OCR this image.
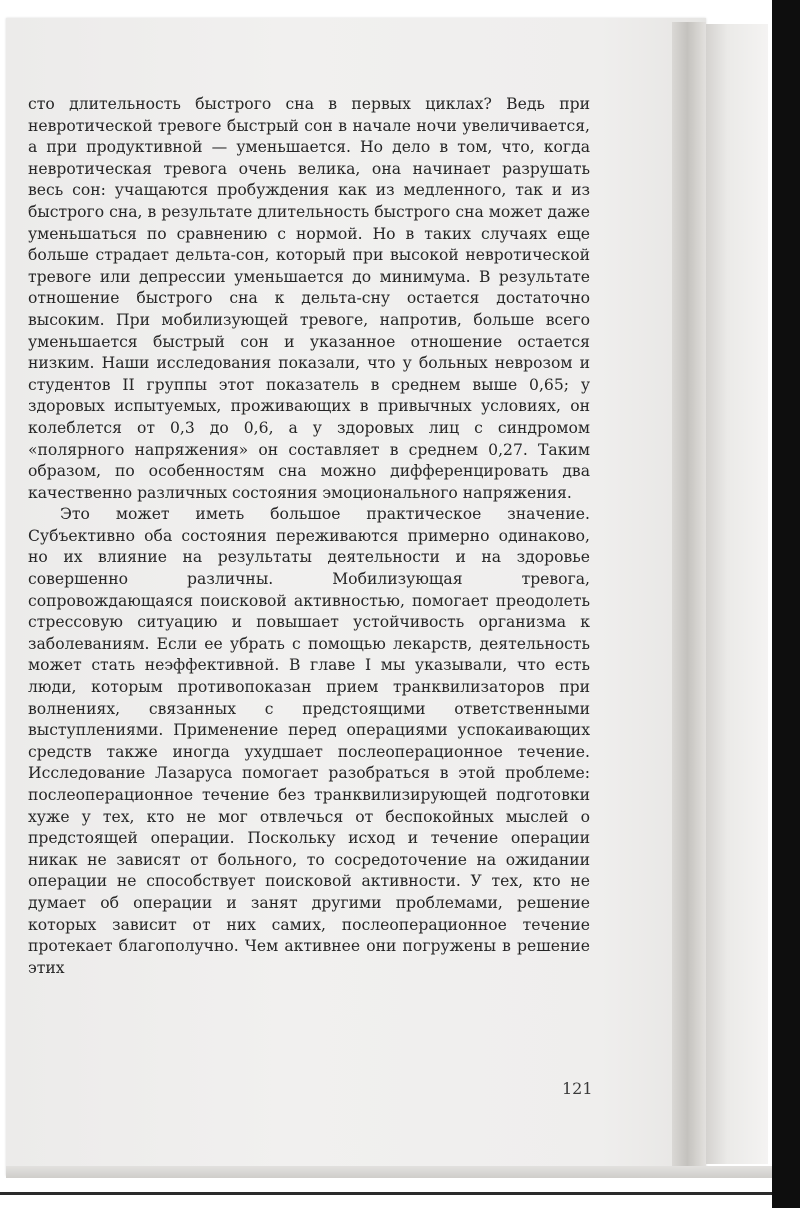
сто длительность быстрого сна в первых циклах? Ведь при невротической тревоге быстрый сон в начале ночи увеличивается, а при продуктивной — уменьшается. Но дело в том, что, когда невротическая тревога очень велика, она начинает разрушать весь сон: учащаются пробуждения как из медленного, так и из быстрого сна, в результате длительность быстрого сна может даже уменьшаться по сравнению с нормой. Но в таких случаях еще больше страдает дельта-сон, который при высокой невротической тревоге или депрессии уменьшается до минимума. В результате отношение быстрого сна к дельта-сну остается достаточно высоким. При мобилизующей тревоге, напротив, больше всего уменьшается быстрый сон и указанное отношение остается низким. Наши исследования показали, что у больных неврозом и студентов II группы этот показатель в среднем выше 0,65; у здоровых испытуемых, проживающих в привычных условиях, он колеблется от 0,3 до 0,6, а у здоровых лиц с синдромом «полярного напряжения» он составляет в среднем 0,27. Таким образом, по особенностям сна можно дифференцировать два качественно различных состояния эмоционального напряжения.

Это может иметь большое практическое значение. Субъективно оба состояния переживаются примерно одинаково, но их влияние на результаты деятельности и на здоровье совершенно различны. Мобилизующая тревога, сопровождающаяся поисковой активностью, помогает преодолеть стрессовую ситуацию и повышает устойчивость организма к заболеваниям. Если ее убрать с помощью лекарств, деятельность может стать неэффективной. В главе I мы указывали, что есть люди, которым противопоказан прием транквилизаторов при волнениях, связанных с предстоящими ответственными выступлениями. Применение перед операциями успокаивающих средств также иногда ухудшает послеоперационное течение. Исследование Лазаруса помогает разобраться в этой проблеме: послеоперационное течение без транквилизирующей подготовки хуже у тех, кто не мог отвлечься от беспокойных мыслей о предстоящей операции. Поскольку исход и течение операции никак не зависят от больного, то сосредоточение на ожидании операции не способствует поисковой активности. У тех, кто не думает об операции и занят другими проблемами, решение которых зависит от них самих, послеоперационное течение протекает благополучно. Чем активнее они погружены в решение этих

121
